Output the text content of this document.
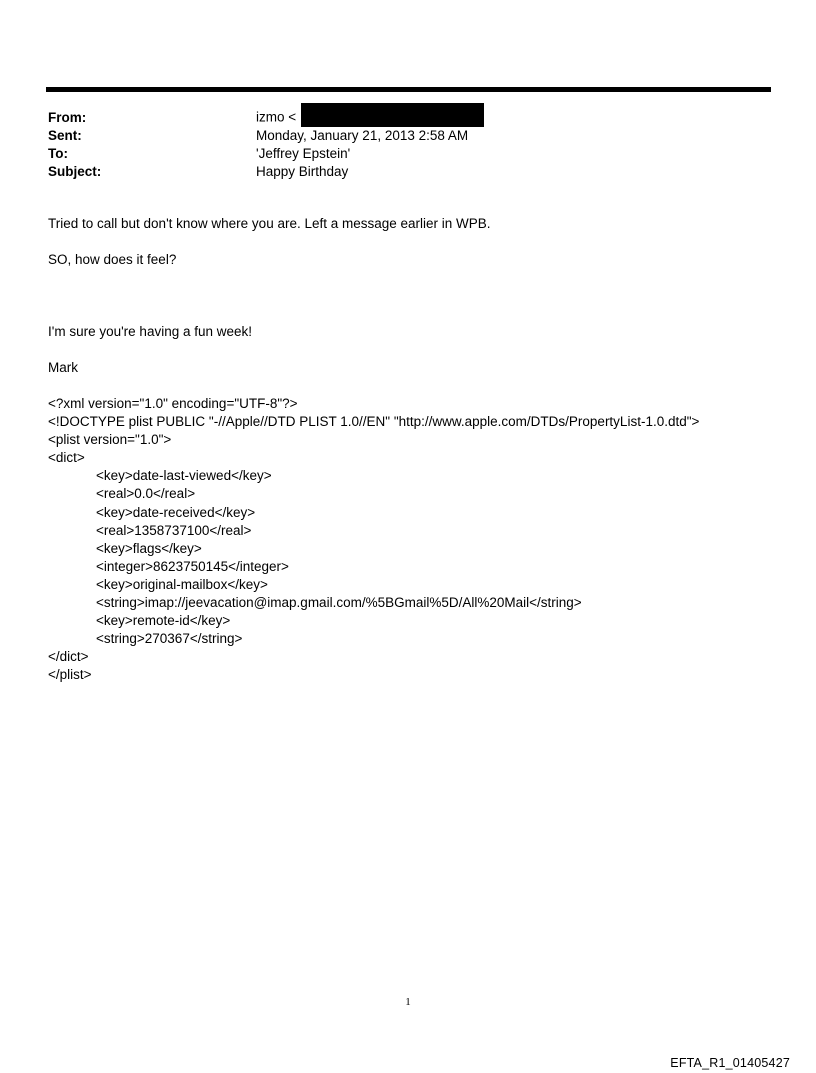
From:	izmo <
Sent:	Monday, January 21, 2013 2:58 AM
To:	'Jeffrey Epstein'
Subject:	Happy Birthday

Tried to call but don't know where you are. Left a message earlier in WPB.

SO, how does it feel?

I'm sure you're having a fun week!

Mark

<?xml version="1.0" encoding="UTF-8"?>
<!DOCTYPE plist PUBLIC "-//Apple//DTD PLIST 1.0//EN" "http://www.apple.com/DTDs/PropertyList-1.0.dtd">
<plist version="1.0">
<dict>
<key>date-last-viewed</key>
<real>0.0</real>
<key>date-received</key>
<real>1358737100</real>
<key>flags</key>
<integer>8623750145</integer>
<key>original-mailbox</key>
<string>imap://jeevacation@imap.gmail.com/%5BGmail%5D/All%20Mail</string>
<key>remote-id</key>
<string>270367</string>
</dict>
</plist>
1
EFTA_R1_01405427
